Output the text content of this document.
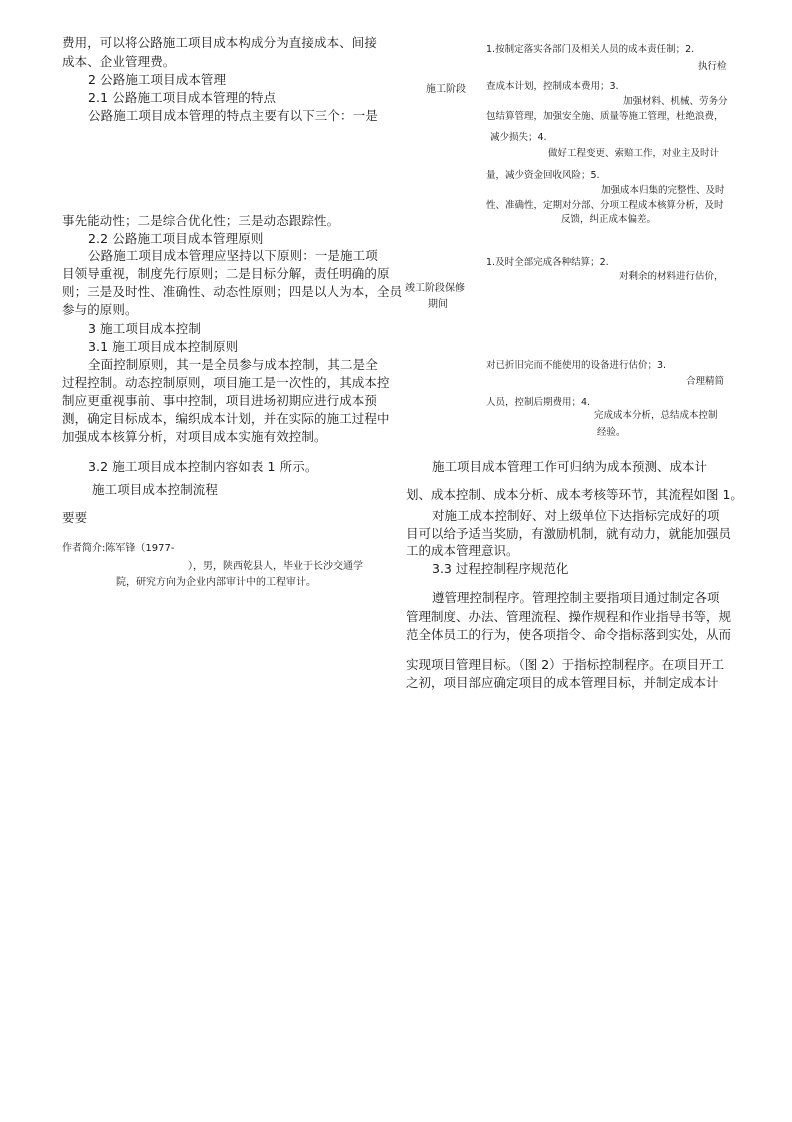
费用，可以将公路施工项目成本构成分为直接成本、间接

成本、企业管理费。

2 公路施工项目成本管理

2.1 公路施工项目成本管理的特点

公路施工项目成本管理的特点主要有以下三个：一是

事先能动性；二是综合优化性；三是动态跟踪性。

2.2 公路施工项目成本管理原则

公路施工项目成本管理应坚持以下原则：一是施工项

目领导重视，制度先行原则；二是目标分解，责任明确的原

则；三是及时性、准确性、动态性原则；四是以人为本，全员

参与的原则。

3 施工项目成本控制

3.1 施工项目成本控制原则

全面控制原则，其一是全员参与成本控制，其二是全

过程控制。动态控制原则，项目施工是一次性的，其成本控

制应更重视事前、事中控制，项目进场初期应进行成本预

测，确定目标成本，编织成本计划，并在实际的施工过程中

加强成本核算分析，对项目成本实施有效控制。

3.2 施工项目成本控制内容如表 1 所示。

施工项目成本控制流程

要要

作者简介:陈军锋（1977-

），男，陕西乾县人，毕业于长沙交通学

院，研究方向为企业内部审计中的工程审计。

施工阶段

1.按制定落实各部门及相关人员的成本责任制；2.

执行检

查成本计划，控制成本费用；3.

加强材料、机械、劳务分

包结算管理，加强安全施、质量等施工管理，杜绝浪费，

减少损失；4.

做好工程变更、索赔工作，对业主及时计

量，减少资金回收风险；5.

加强成本归集的完整性、及时

性、准确性，定期对分部、分项工程成本核算分析，及时

反馈，纠正成本偏差。

竣工阶段保修

期间

1.及时全部完成各种结算；2.

对剩余的材料进行估价，

对已折旧完而不能使用的设备进行估价；3.

合理精简

人员，控制后期费用；4.

完成成本分析，总结成本控制

经验。

施工项目成本管理工作可归纳为成本预测、成本计

划、成本控制、成本分析、成本考核等环节，其流程如图 1。

对施工成本控制好、对上级单位下达指标完成好的项

目可以给予适当奖励，有激励机制，就有动力，就能加强员

工的成本管理意识。

3.3 过程控制程序规范化

遵管理控制程序。管理控制主要指项目通过制定各项

管理制度、办法、管理流程、操作规程和作业指导书等，规

范全体员工的行为，使各项指令、命令指标落到实处，从而

实现项目管理目标。（图 2）于指标控制程序。在项目开工

之初，项目部应确定项目的成本管理目标，并制定成本计
